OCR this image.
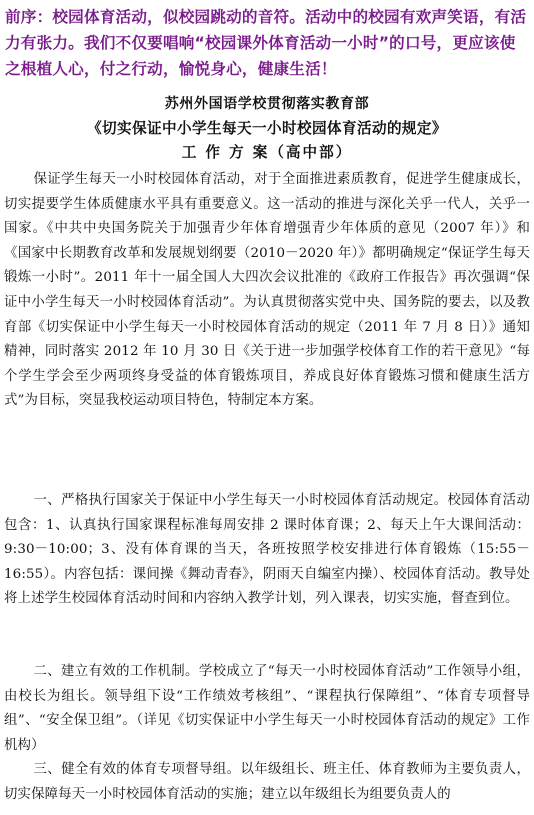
前序：校园体育活动，似校园跳动的音符。活动中的校园有欢声笑语，有活力有张力。我们不仅要唱响“校园课外体育活动一小时”的口号，更应该使之根植人心，付之行动，愉悦身心，健康生活！

苏州外国语学校贯彻落实教育部
《切实保证中小学生每天一小时校园体育活动的规定》
工 作 方 案（高中部）

保证学生每天一小时校园体育活动，对于全面推进素质教育，促进学生健康成长，切实提要学生体质健康水平具有重要意义。这一活动的推进与深化关乎一代人，关乎一国家。《中共中央国务院关于加强青少年体育增强青少年体质的意见（2007 年）》和《国家中长期教育改革和发展规划纲要（2010－2020 年）》都明确规定“保证学生每天锻炼一小时”。2011 年十一届全国人大四次会议批准的《政府工作报告》再次强调“保证中小学生每天一小时校园体育活动”。为认真贯彻落实党中央、国务院的要去，以及教育部《切实保证中小学生每天一小时校园体育活动的规定（2011 年 7 月 8 日）》通知精神，同时落实 2012 年 10 月 30 日《关于进一步加强学校体育工作的若干意见》“每个学生学会至少两项终身受益的体育锻炼项目，养成良好体育锻炼习惯和健康生活方式”为目标，突显我校运动项目特色，特制定本方案。

一、严格执行国家关于保证中小学生每天一小时校园体育活动规定。校园体育活动包含：1、认真执行国家课程标准每周安排 2 课时体育课；2、每天上午大课间活动：9:30－10:00；3、没有体育课的当天，各班按照学校安排进行体育锻炼（15:55－16:55）。内容包括：课间操《舞动青春》，阴雨天自编室内操）、校园体育活动。教导处将上述学生校园体育活动时间和内容纳入教学计划，列入课表，切实实施，督查到位。

二、建立有效的工作机制。学校成立了“每天一小时校园体育活动”工作领导小组，由校长为组长。领导组下设“工作绩效考核组”、“课程执行保障组”、“体育专项督导组”、“安全保卫组”。（详见《切实保证中小学生每天一小时校园体育活动的规定》工作机构）

三、健全有效的体育专项督导组。以年级组长、班主任、体育教师为主要负责人，切实保障每天一小时校园体育活动的实施；建立以年级组长为组要负责人的
